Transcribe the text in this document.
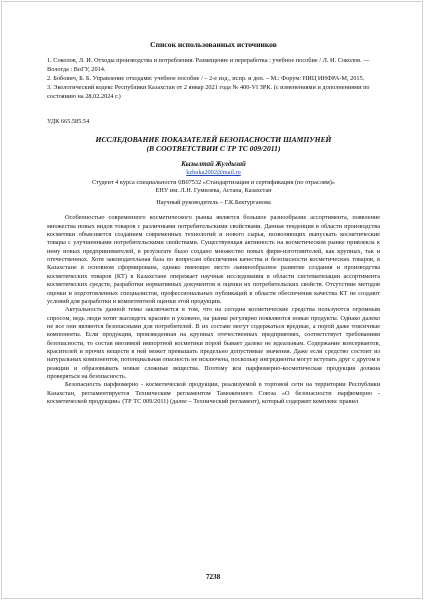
Список использованных источников
1. Соколов, Л. И. Отходы производства и потребления. Размещение и переработка : учебное пособие / Л. И. Соколов. — Вологда : ВоГУ, 2014.
2. Бобович, Б. Б. Управление отходами: учебное пособие / – 2-е изд., испр. и доп. – М.: Форум: НИЦ ИНФРА-М, 2015.
3. Экологический кодекс Республики Казахстан от 2 январ 2021 года № 400-VI ЗРК. (с изменениями и дополнениями по состоянию на 28.02.2024 г.)
УДК 665.585.54
ИССЛЕДОВАНИЕ ПОКАЗАТЕЛЕЙ БЕЗОПАСНОСТИ ШАМПУНЕЙ
(В СООТВЕТСТВИИ С ТР ТС 009/2011)
Кызылтай Жулдызай
kzhuka2002@mail.ru
Студент 4 курса специальности 6В07532 «Стандартизация и сертификация (по отраслям)»
ЕНУ им. Л.Н. Гумилева, Астана, Казахстан
Научный руководитель – Г.К.Бектурганова

Особенностью современного косметического рынка является большое разнообразие ассортимента, появление множества новых видов товаров с различными потребительскими свойствами. Данная тенденция в области производства косметики объясняется созданием современных технологий и нового сырья, позволяющих выпускать косметические товары с улучшенными потребительскими свойствами. Существующая активность на косметическом рынке привлекла к нему новых предпринимателей, в результате было создано множество новых фирм-изготовителей, как крупных, так и отечественных. Хотя законодательная база по вопросам обеспечения качества и безопасности косметических товаров, в Казахстане в основном сформирована, однако имеющее место лавинообразное развитие создания и производства косметических товаров (КТ) в Казахстане опережает научные исследования в области систематизации ассортимента косметических средств, разработки нормативных документов и оценки их потребительских свойств. Отсутствие методов оценки и подготовленных специалистов, профессиональных публикаций в области обеспечения качества КТ не создают условий для разработки и компетентной оценки этой продукции.

Актуальность данной темы заключается в том, что на сегодня косметические средства пользуются огромным спросом, ведь люди хотят выглядеть красиво и ухожено, на рынке регулярно появляются новые продукты. Однако далеко не все они являются безопасными для потребителей. В их составе могут содержаться вредные, а порой даже токсичные компоненты. Если продукция, произведенная на крупных отечественных предприятиях, соответствует требованиям безопасности, то состав ввозимой импортной косметики порой бывает далеко не идеальным. Содержание консервантов, красителей и прочих веществ в ней может превышать предельно допустимые значения. Даже если средство состоит из натуральных компонентов, потенциальная опасность не исключена, поскольку ингредиенты могут вступать друг с другом в реакции и образовывать новые сложные вещества. Поэтому вся парфюмерно-косметическая продукция должна проверяться на безопасность.

Безопасность парфюмерно - косметической продукции, реализуемой в торговой сети на территории Республики Казахстан, регламентируется Техническим регламентом Таможенного Союза «О безопасности парфюмерно - косметической продукции» (ТР ТС 009/2011) (далее – Технический регламент), который содержит комплекс правил

7238
